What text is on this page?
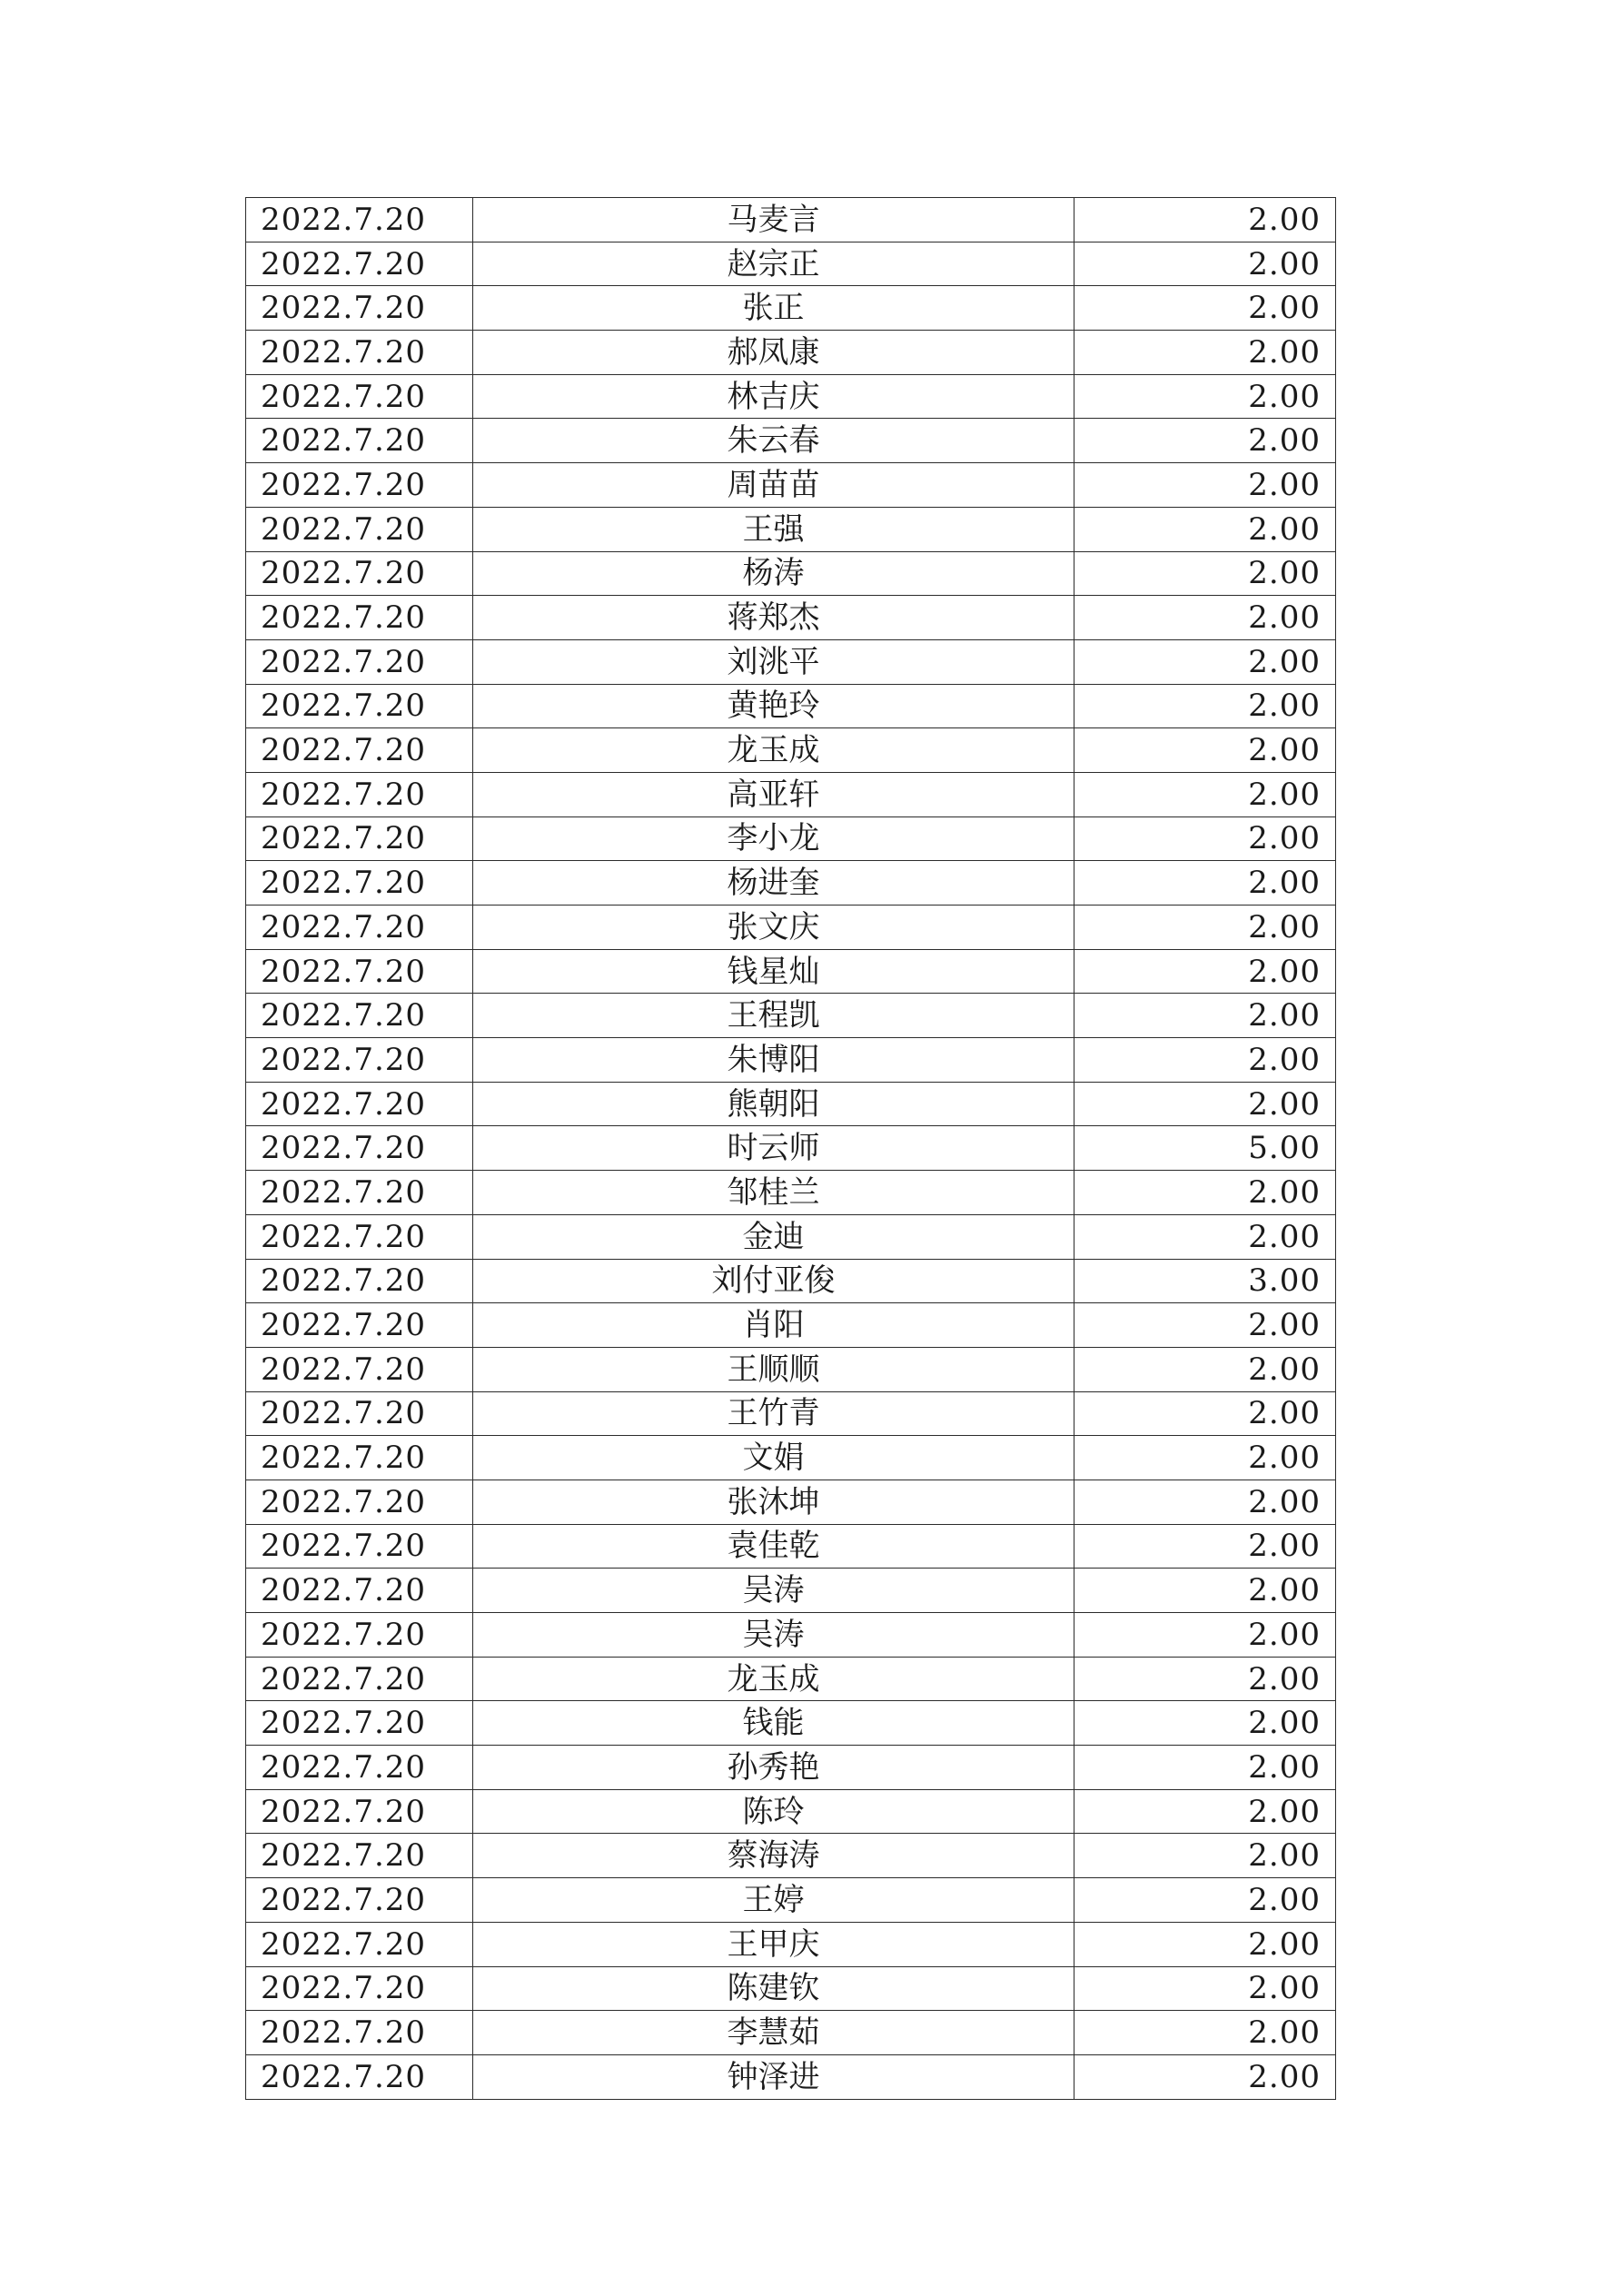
2022.7.20	马麦言	2.00
2022.7.20	赵宗正	2.00
2022.7.20	张正	2.00
2022.7.20	郝凤康	2.00
2022.7.20	林吉庆	2.00
2022.7.20	朱云春	2.00
2022.7.20	周苗苗	2.00
2022.7.20	王强	2.00
2022.7.20	杨涛	2.00
2022.7.20	蒋郑杰	2.00
2022.7.20	刘洮平	2.00
2022.7.20	黄艳玲	2.00
2022.7.20	龙玉成	2.00
2022.7.20	高亚轩	2.00
2022.7.20	李小龙	2.00
2022.7.20	杨进奎	2.00
2022.7.20	张文庆	2.00
2022.7.20	钱星灿	2.00
2022.7.20	王程凯	2.00
2022.7.20	朱博阳	2.00
2022.7.20	熊朝阳	2.00
2022.7.20	时云师	5.00
2022.7.20	邹桂兰	2.00
2022.7.20	金迪	2.00
2022.7.20	刘付亚俊	3.00
2022.7.20	肖阳	2.00
2022.7.20	王顺顺	2.00
2022.7.20	王竹青	2.00
2022.7.20	文娟	2.00
2022.7.20	张沐坤	2.00
2022.7.20	袁佳乾	2.00
2022.7.20	吴涛	2.00
2022.7.20	吴涛	2.00
2022.7.20	龙玉成	2.00
2022.7.20	钱能	2.00
2022.7.20	孙秀艳	2.00
2022.7.20	陈玲	2.00
2022.7.20	蔡海涛	2.00
2022.7.20	王婷	2.00
2022.7.20	王甲庆	2.00
2022.7.20	陈建钦	2.00
2022.7.20	李慧茹	2.00
2022.7.20	钟泽进	2.00
